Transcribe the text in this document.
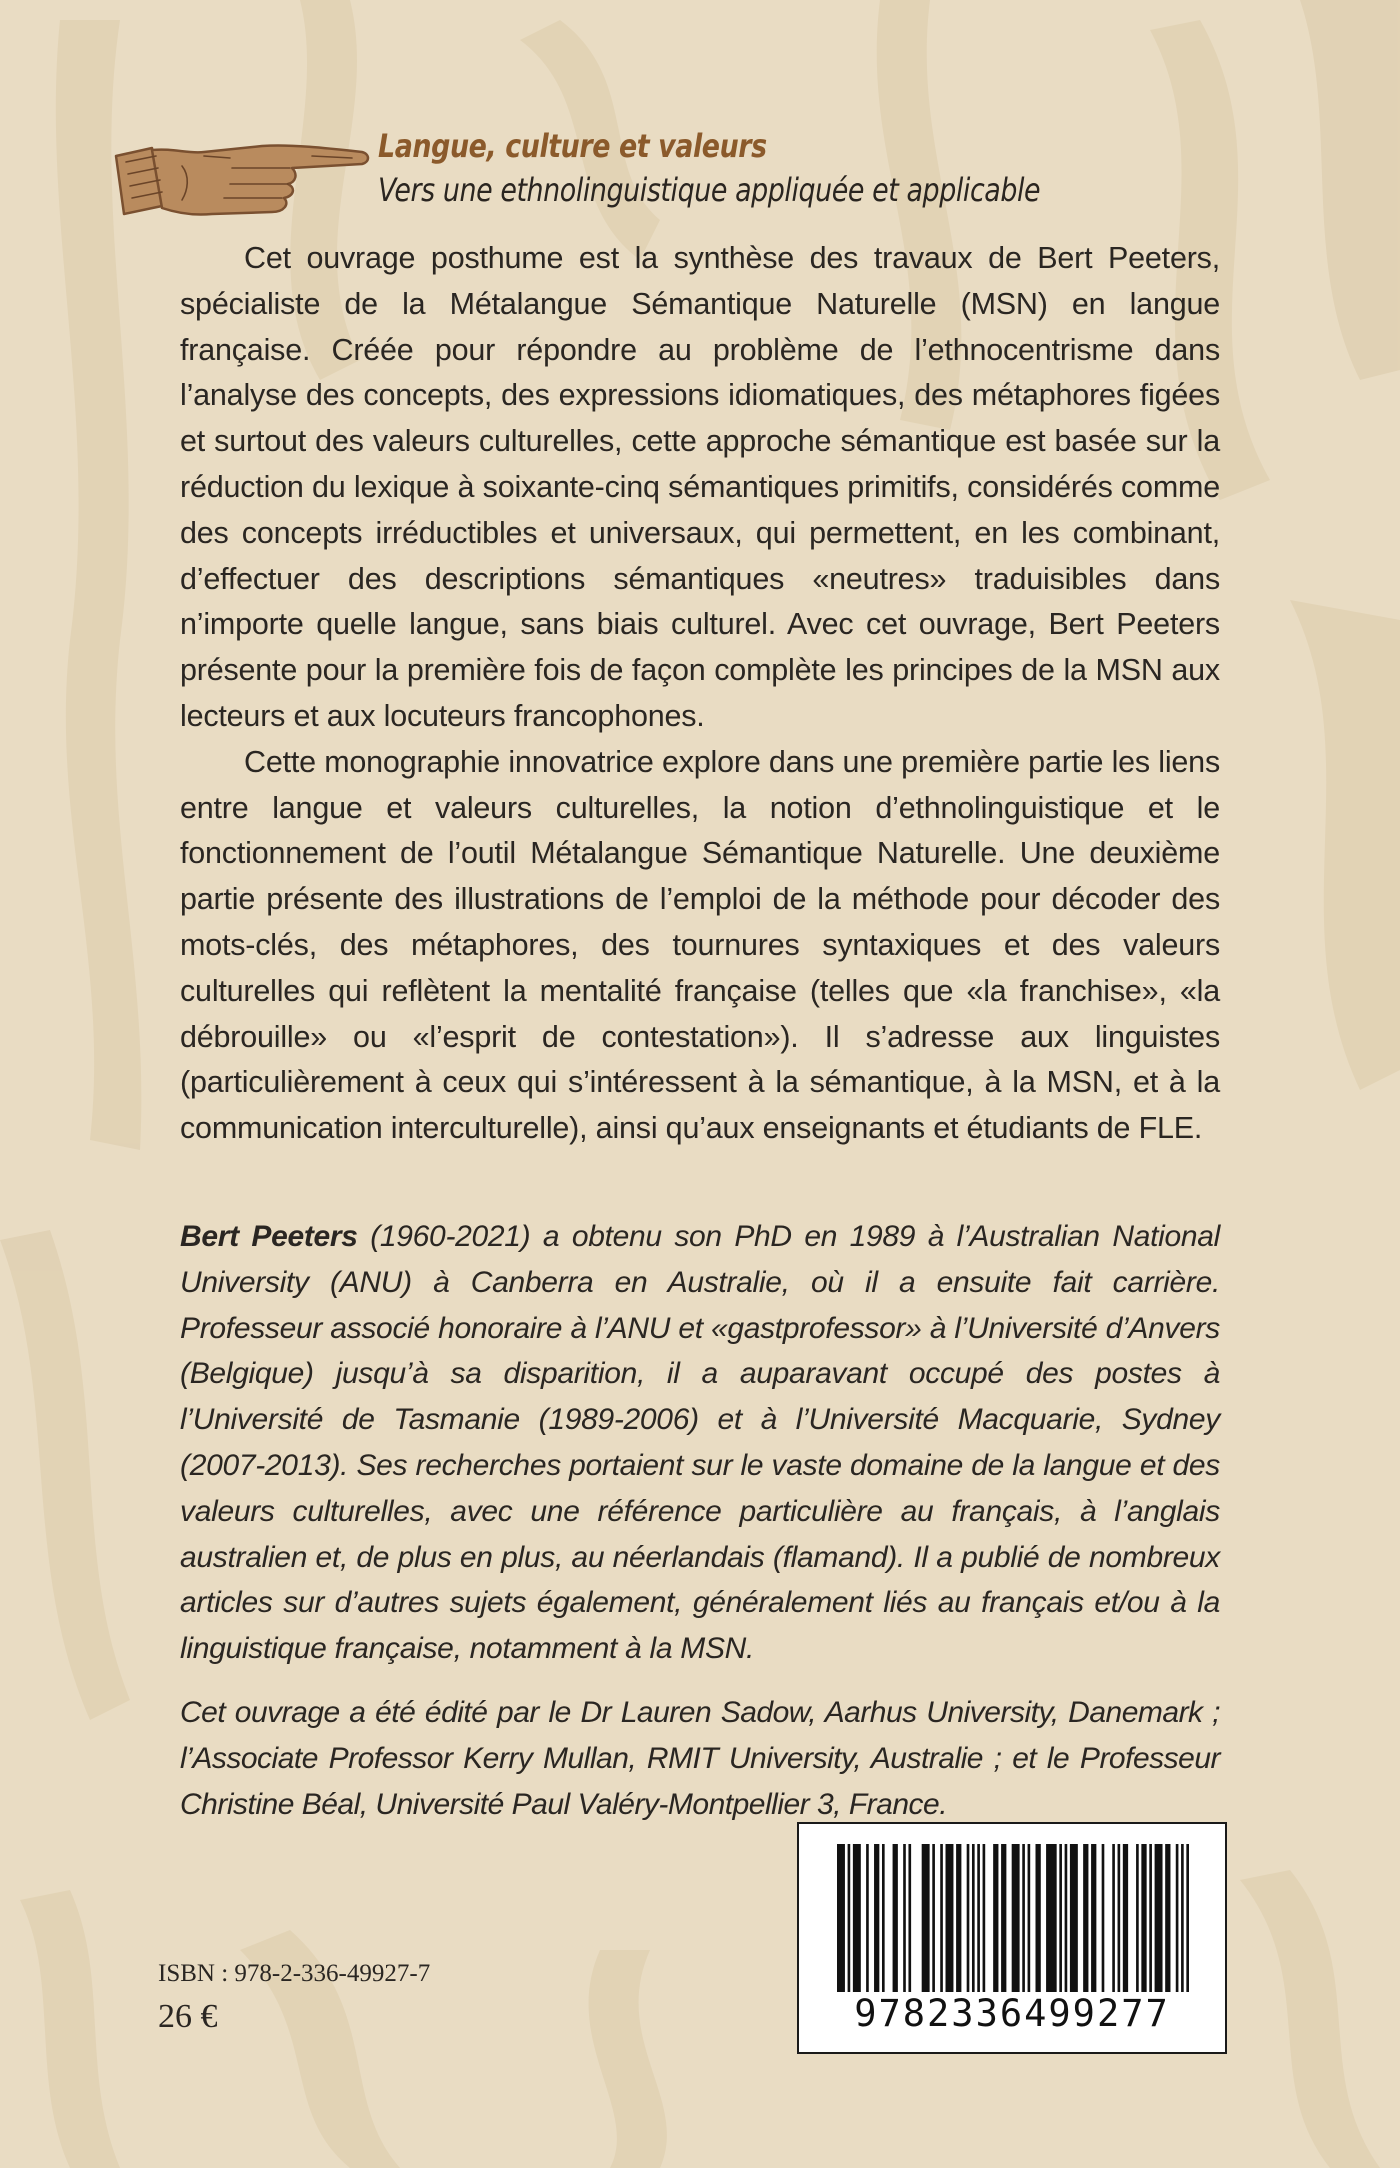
Langue, culture et valeurs
Vers une ethnolinguistique appliquée et applicable

Cet ouvrage posthume est la synthèse des travaux de Bert Peeters, spécialiste de la Métalangue Sémantique Naturelle (MSN) en langue française. Créée pour répondre au problème de l’ethnocentrisme dans l’analyse des concepts, des expressions idiomatiques, des métaphores figées et surtout des valeurs culturelles, cette approche sémantique est basée sur la réduction du lexique à soixante-cinq sémantiques primitifs, considérés comme des concepts irréductibles et universaux, qui permettent, en les combinant, d’effectuer des descriptions sémantiques «neutres» traduisibles dans n’importe quelle langue, sans biais culturel. Avec cet ouvrage, Bert Peeters présente pour la première fois de façon complète les principes de la MSN aux lecteurs et aux locuteurs francophones.

Cette monographie innovatrice explore dans une première partie les liens entre langue et valeurs culturelles, la notion d’ethnolinguistique et le fonctionnement de l’outil Métalangue Sémantique Naturelle. Une deuxième partie présente des illustrations de l’emploi de la méthode pour décoder des mots-clés, des métaphores, des tournures syntaxiques et des valeurs culturelles qui reflètent la mentalité française (telles que «la franchise», «la débrouille» ou «l’esprit de contestation»). Il s’adresse aux linguistes (particulièrement à ceux qui s’intéressent à la sémantique, à la MSN, et à la communication interculturelle), ainsi qu’aux enseignants et étudiants de FLE.

Bert Peeters (1960-2021) a obtenu son PhD en 1989 à l’Australian National University (ANU) à Canberra en Australie, où il a ensuite fait carrière. Professeur associé honoraire à l’ANU et «gastprofessor» à l’Université d’Anvers (Belgique) jusqu’à sa disparition, il a auparavant occupé des postes à l’Université de Tasmanie (1989-2006) et à l’Université Macquarie, Sydney (2007-2013). Ses recherches portaient sur le vaste domaine de la langue et des valeurs culturelles, avec une référence particulière au français, à l’anglais australien et, de plus en plus, au néerlandais (flamand). Il a publié de nombreux articles sur d’autres sujets également, généralement liés au français et/ou à la linguistique française, notamment à la MSN.

Cet ouvrage a été édité par le Dr Lauren Sadow, Aarhus University, Danemark ; l’Associate Professor Kerry Mullan, RMIT University, Australie ; et le Professeur Christine Béal, Université Paul Valéry-Montpellier 3, France.

ISBN : 978-2-336-49927-7
26 €	9782336499277
